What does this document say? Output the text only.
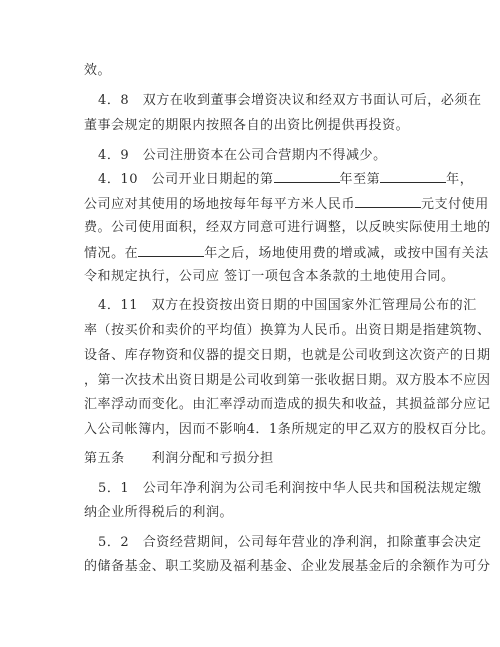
效。
4．8　双方在收到董事会增资决议和经双方书面认可后，必须在
董事会规定的期限内按照各自的出资比例提供再投资。
4．9　公司注册资本在公司合营期内不得减少。
4．10　公司开业日期起的第	年至第	年，
公司应对其使用的场地按每年每平方米人民币	元支付使用
费。公司使用面积，经双方同意可进行调整，以反映实际使用土地的
情况。在	年之后，场地使用费的增或减，或按中国有关法
令和规定执行，公司应 签订一项包含本条款的土地使用合同。
4．11　双方在投资按出资日期的中国国家外汇管理局公布的汇
率（按买价和卖价的平均值）换算为人民币。出资日期是指建筑物、
设备、库存物资和仪器的提交日期，也就是公司收到这次资产的日期
，第一次技术出资日期是公司收到第一张收据日期。双方股本不应因
汇率浮动而变化。由汇率浮动而造成的损失和收益，其损益部分应记
入公司帐簿内，因而不影响4．1条所规定的甲乙双方的股权百分比。
第五条　　利润分配和亏损分担
5．1　公司年净利润为公司毛利润按中华人民共和国税法规定缴
纳企业所得税后的利润。
5．2　合资经营期间，公司每年营业的净利润，扣除董事会决定
的储备基金、职工奖励及福利基金、企业发展基金后的余额作为可分
